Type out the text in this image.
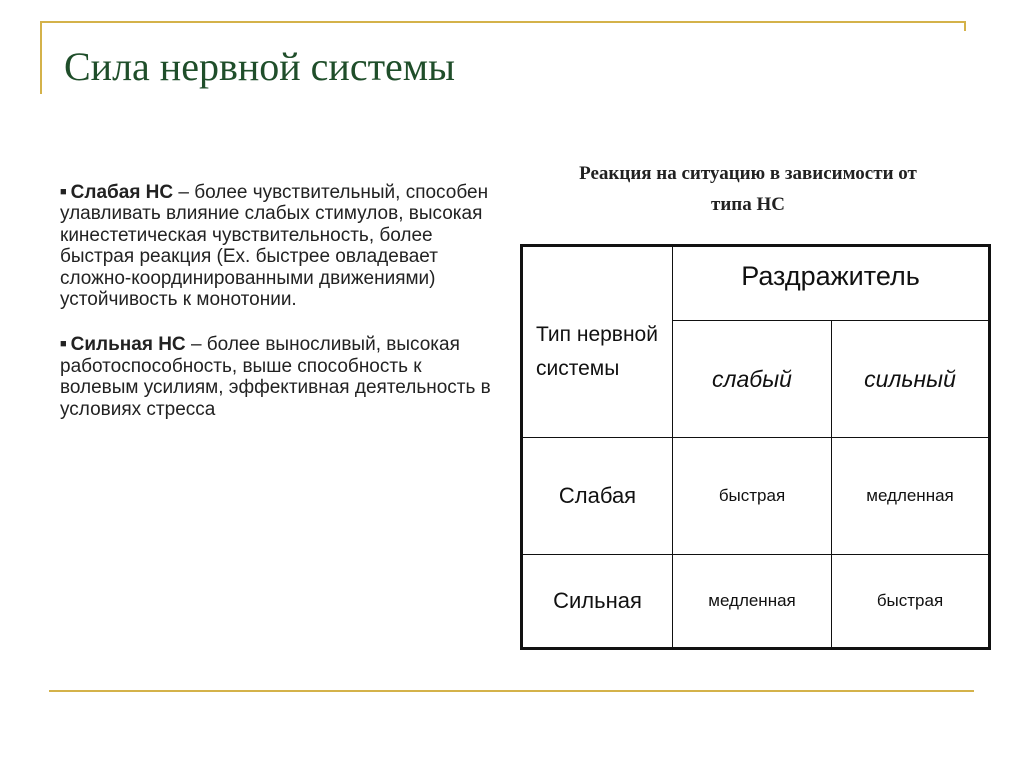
Сила нервной системы
■ Слабая НС – более чувствительный, способен улавливать влияние слабых стимулов, высокая кинестетическая чувствительность, более быстрая реакция (Ex. быстрее овладевает сложно-координированными движениями) устойчивость к монотонии.
■ Сильная НС – более выносливый, высокая работоспособность, выше способность к волевым усилиям, эффективная деятельность в условиях стресса
Реакция на ситуацию в зависимости от типа НС
Тип нервной системы	Раздражитель	
	слабый	сильный
Слабая	быстрая	медленная
Сильная	медленная	быстрая
